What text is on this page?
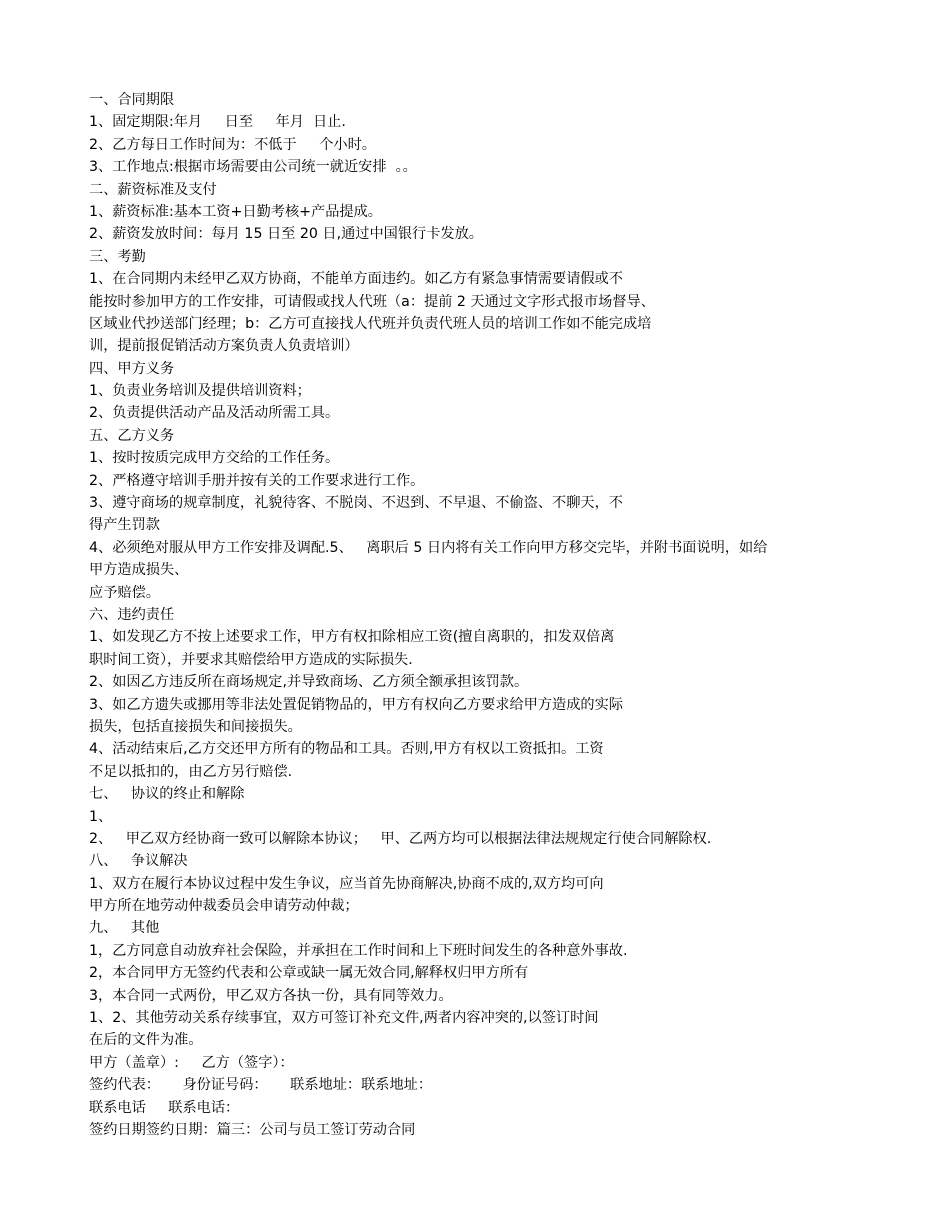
一、合同期限

1、固定期限:年月     日至     年月  日止.

2、乙方每日工作时间为：不低于     个小时。

3、工作地点:根据市场需要由公司统一就近安排  。。

二、薪资标准及支付

1、薪资标准:基本工资+日勤考核+产品提成。

2、薪资发放时间：每月 15 日至 20 日,通过中国银行卡发放。

三、考勤

1、在合同期内未经甲乙双方协商，不能单方面违约。如乙方有紧急事情需要请假或不

能按时参加甲方的工作安排，可请假或找人代班（a：提前 2 天通过文字形式报市场督导、

区域业代抄送部门经理；b：乙方可直接找人代班并负责代班人员的培训工作如不能完成培

训，提前报促销活动方案负责人负责培训）

四、甲方义务

1、负责业务培训及提供培训资料；

2、负责提供活动产品及活动所需工具。

五、乙方义务

1、按时按质完成甲方交给的工作任务。

2、严格遵守培训手册并按有关的工作要求进行工作。

3、遵守商场的规章制度，礼貌待客、不脱岗、不迟到、不早退、不偷盗、不聊天，不

得产生罚款

4、必须绝对服从甲方工作安排及调配.5、   离职后 5 日内将有关工作向甲方移交完毕，并附书面说明，如给

甲方造成损失、

应予赔偿。

六、违约责任

1、如发现乙方不按上述要求工作，甲方有权扣除相应工资(擅自离职的，扣发双倍离

职时间工资），并要求其赔偿给甲方造成的实际损失.

2、如因乙方违反所在商场规定,并导致商场、乙方须全额承担该罚款。

3、如乙方遗失或挪用等非法处置促销物品的，甲方有权向乙方要求给甲方造成的实际

损失，包括直接损失和间接损失。

4、活动结束后,乙方交还甲方所有的物品和工具。否则,甲方有权以工资抵扣。工资

不足以抵扣的，由乙方另行赔偿.

七、   协议的终止和解除

1、

2、   甲乙双方经协商一致可以解除本协议；   甲、乙两方均可以根据法律法规规定行使合同解除权.

八、   争议解决

1、双方在履行本协议过程中发生争议，应当首先协商解决,协商不成的,双方均可向

甲方所在地劳动仲裁委员会申请劳动仲裁；

九、   其他

1，乙方同意自动放弃社会保险，并承担在工作时间和上下班时间发生的各种意外事故.

2，本合同甲方无签约代表和公章或缺一属无效合同,解释权归甲方所有

3，本合同一式两份，甲乙双方各执一份，具有同等效力。

1、2、其他劳动关系存续事宜，双方可签订补充文件,两者内容冲突的,以签订时间

在后的文件为准。

甲方（盖章）:     乙方（签字）：

签约代表：     身份证号码：     联系地址：联系地址：

联系电话     联系电话：

签约日期签约日期：篇三：公司与员工签订劳动合同
